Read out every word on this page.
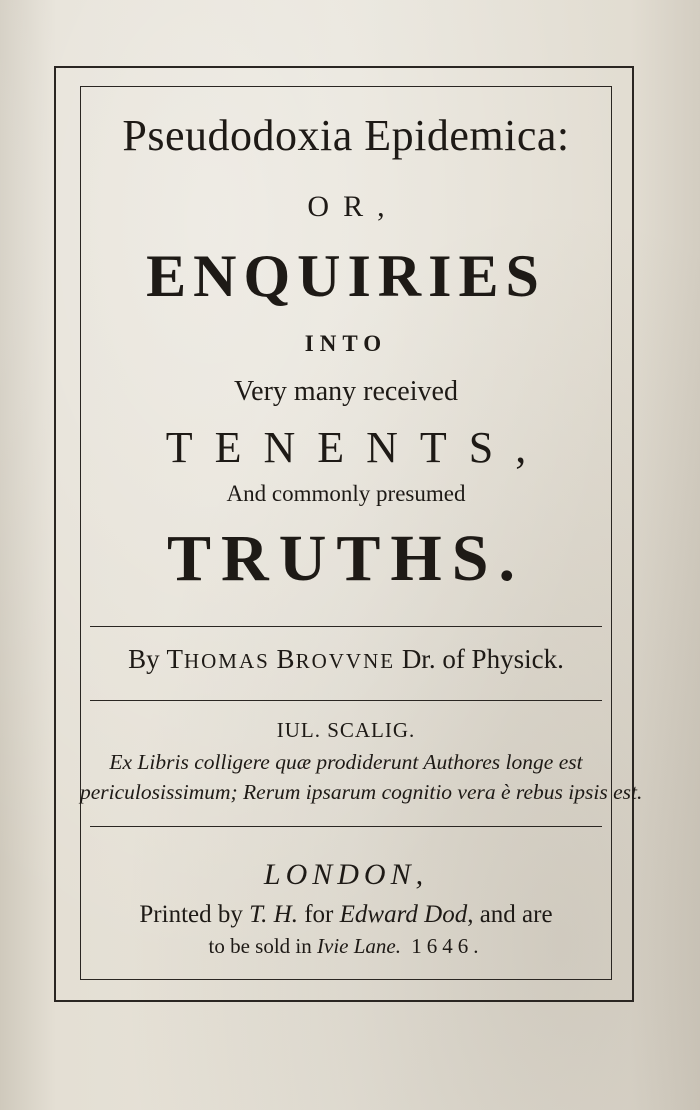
Pseudodoxia Epidemica:
OR,
ENQUIRIES
INTO
Very many received
TENENTS,
And commonly presumed
TRUTHS.
By THOMAS BROVVNE Dr. of Physick.
IUL. SCALIG.
Ex Libris colligere quæ prodiderunt Authores longe est
periculosissimum; Rerum ipsarum cognitio vera è rebus ipsis est.
LONDON,
Printed by T. H. for Edward Dod, and are
to be sold in Ivie Lane. 1646.
